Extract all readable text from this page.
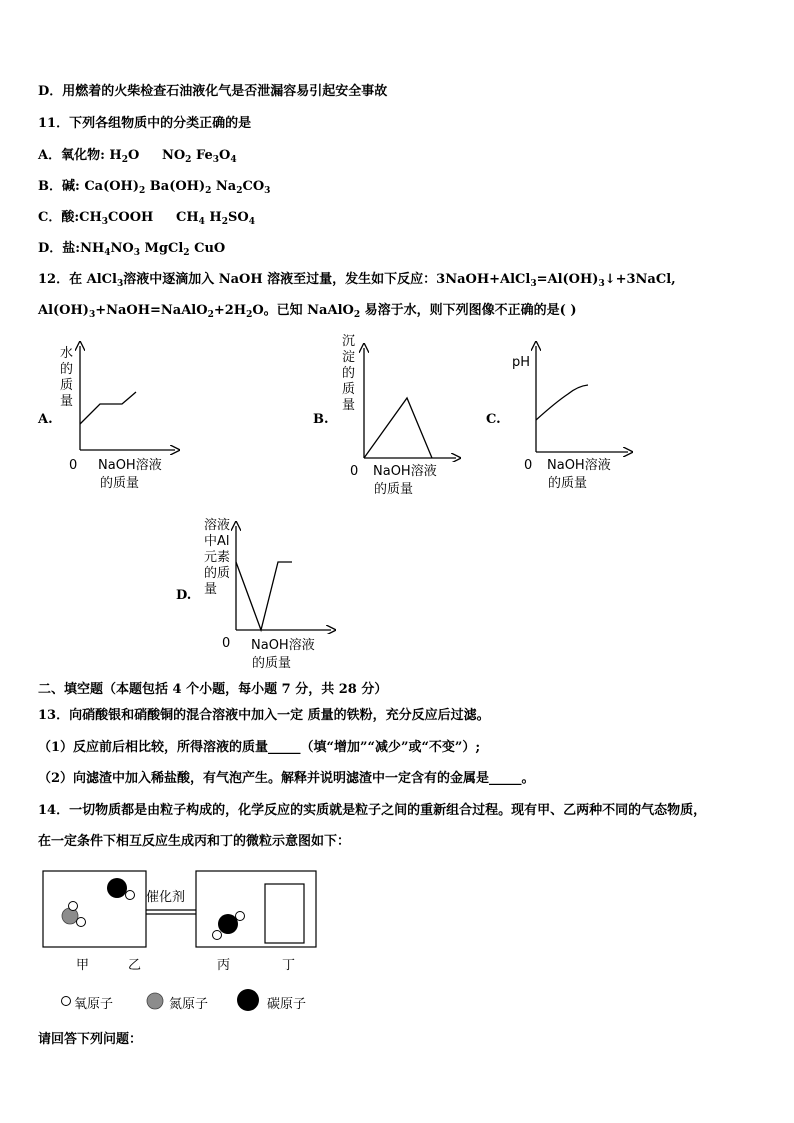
D．用燃着的火柴检查石油液化气是否泄漏容易引起安全事故
11．下列各组物质中的分类正确的是
A．氧化物: $H_2O$ $NO_2$ $Fe_3O_4$
B．碱: $Ca(OH)_2$ $Ba(OH)_2$ $Na_2CO_3$
C．酸$:CH_3COOH$ $CH_4$ $H_2SO_4$
D．盐$:NH_4NO_3$ MgCl$_2$ CuO
12．在 AlCl$_3$溶液中逐滴加入 NaOH 溶液至过量，发生如下反应：$3NaOH+AlCl_3=Al(OH)_3↓+3NaCl$,
$Al(OH)_3+NaOH=NaAlO_2+2H_2O$。已知 NaAlO$_2$ 易溶于水，则下列图像不正确的是( )
A.
水的质量
0 NaOH溶液
的质量
B.
沉淀的质量
0 NaOH溶液
的质量
C.
pH
0 NaOH溶液
的质量
D.
溶液
中Al
元素
的质
量
0 NaOH溶液
的质量
二、填空题（本题包括 4 个小题，每小题 7 分，共 28 分）
13．向硝酸银和硝酸铜的混合溶液中加入一定 质量的铁粉，充分反应后过滤。
（1）反应前后相比较，所得溶液的质量_____（填“增加”“减少”或“不变”）;
（2）向滤渣中加入稀盐酸，有气泡产生。解释并说明滤渣中一定含有的金属是_____。
14．一切物质都是由粒子构成的，化学反应的实质就是粒子之间的重新组合过程。现有甲、乙两种不同的气态物质，
在一定条件下相互反应生成丙和丁的微粒示意图如下：
催化剂
甲	乙	丙	丁
氧原子	氮原子	碳原子
请回答下列问题：
